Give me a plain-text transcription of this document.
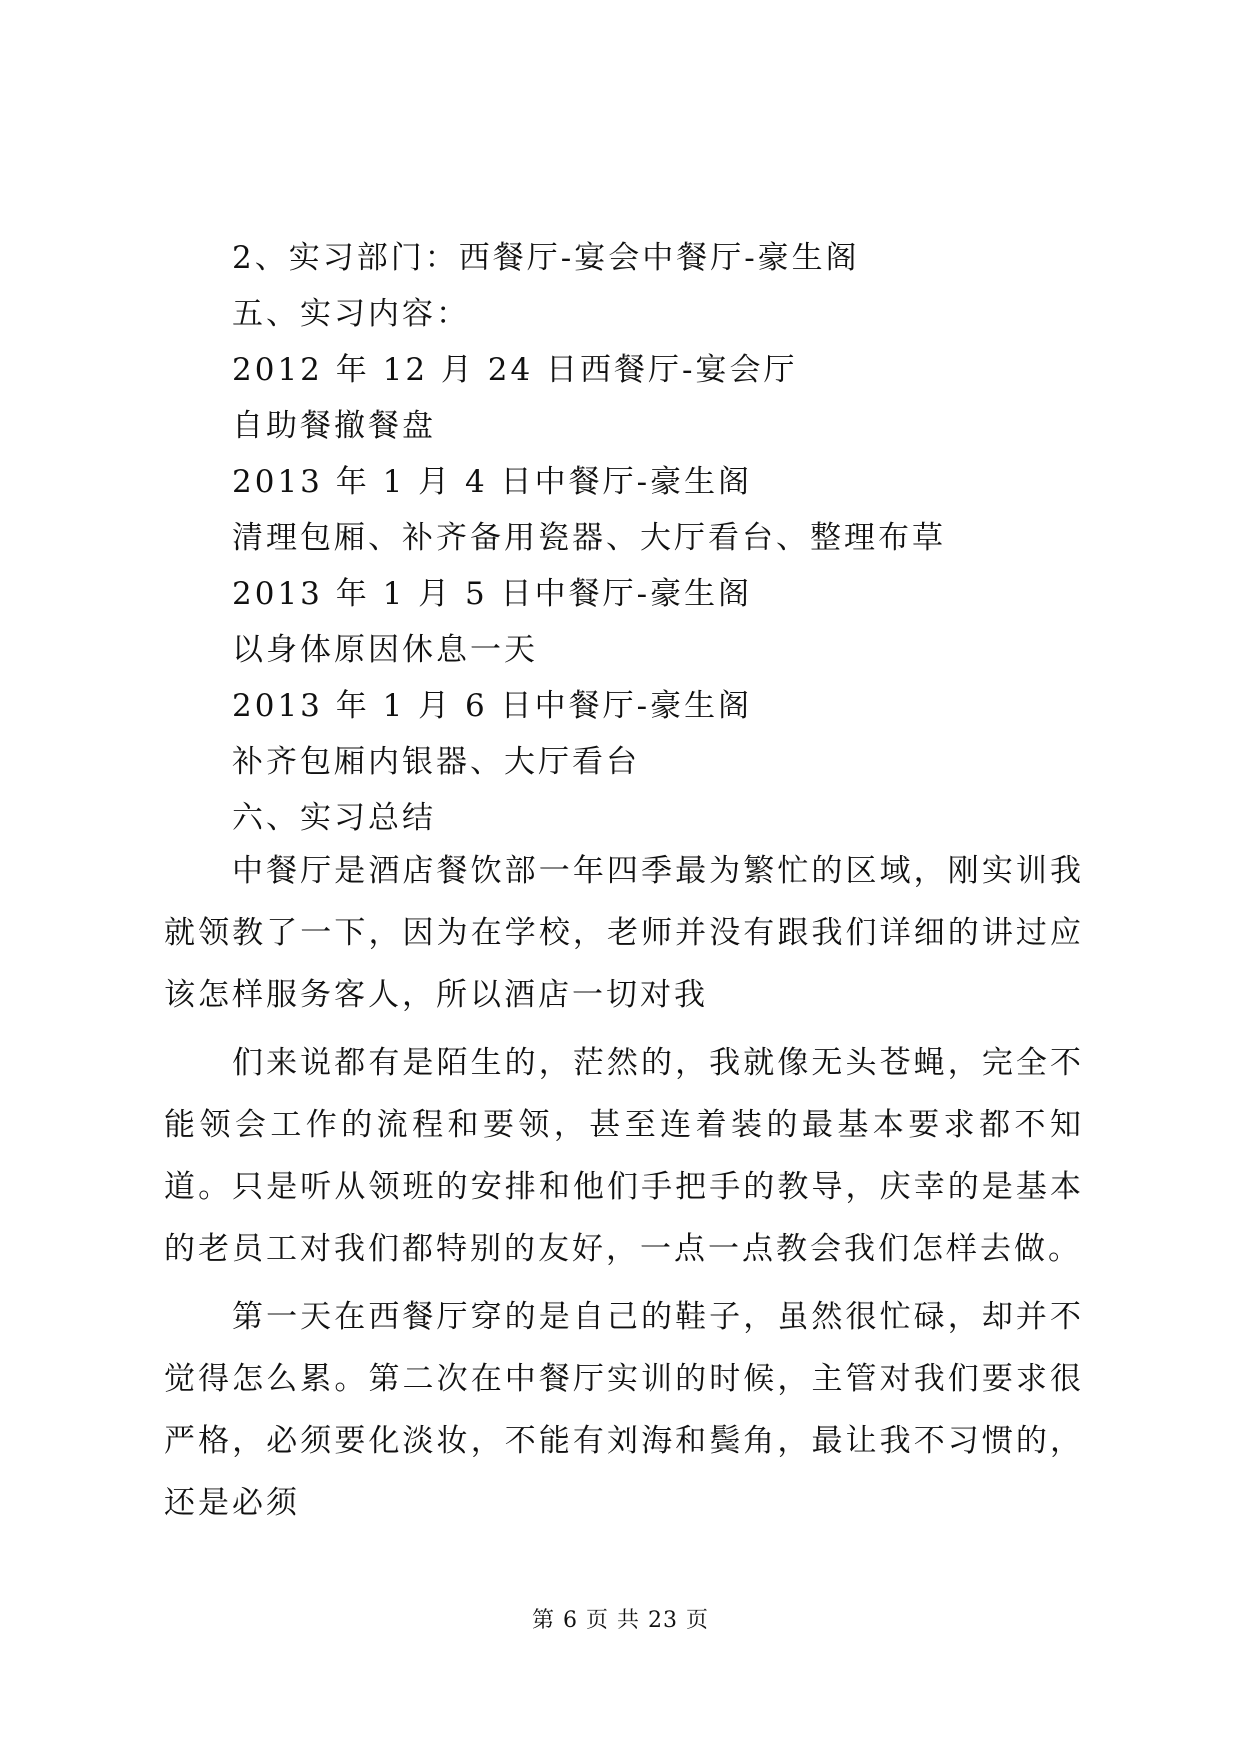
2、实习部门：西餐厅-宴会中餐厅-豪生阁
五、实习内容：
2012 年 12 月 24 日西餐厅-宴会厅
自助餐撤餐盘
2013 年 1 月 4 日中餐厅-豪生阁
清理包厢、补齐备用瓷器、大厅看台、整理布草
2013 年 1 月 5 日中餐厅-豪生阁
以身体原因休息一天
2013 年 1 月 6 日中餐厅-豪生阁
补齐包厢内银器、大厅看台
六、实习总结

中餐厅是酒店餐饮部一年四季最为繁忙的区域，刚实训我就领教了一下，因为在学校，老师并没有跟我们详细的讲过应该怎样服务客人，所以酒店一切对我

们来说都有是陌生的，茫然的，我就像无头苍蝇，完全不能领会工作的流程和要领，甚至连着装的最基本要求都不知道。只是听从领班的安排和他们手把手的教导，庆幸的是基本的老员工对我们都特别的友好，一点一点教会我们怎样去做。

第一天在西餐厅穿的是自己的鞋子，虽然很忙碌，却并不觉得怎么累。第二次在中餐厅实训的时候，主管对我们要求很严格，必须要化淡妆，不能有刘海和鬓角，最让我不习惯的，还是必须

第 6 页 共 23 页
